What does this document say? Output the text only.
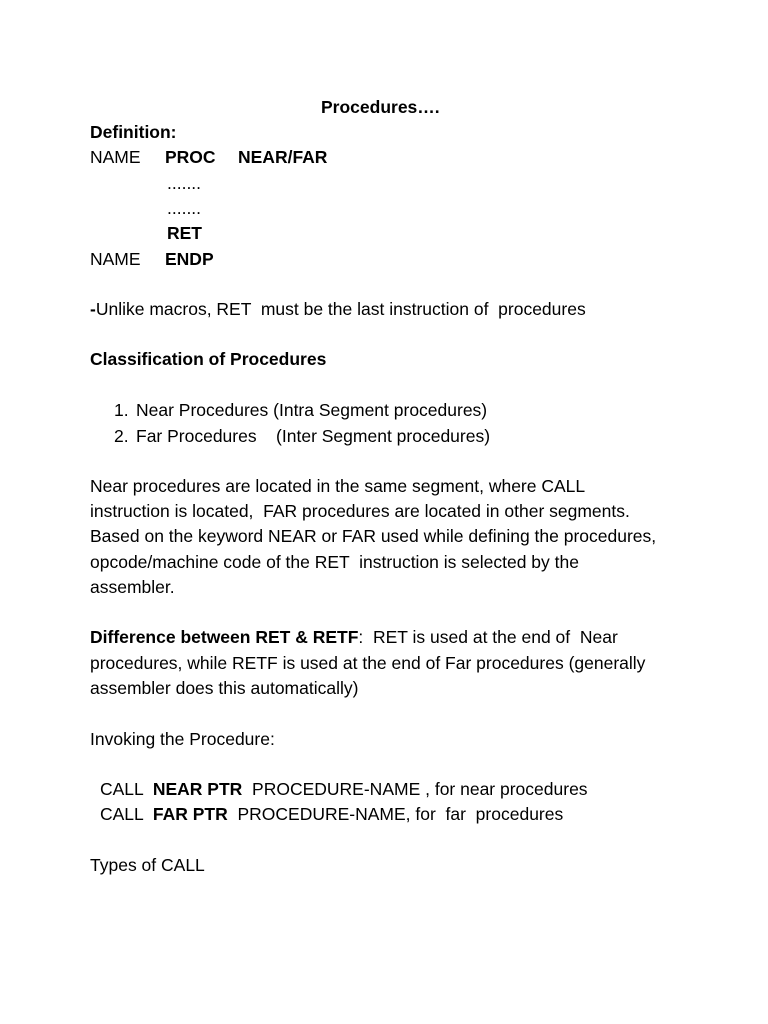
Procedures….
Definition:
NAME PROC NEAR/FAR
.......
.......
RET
NAME ENDP
-Unlike macros, RET  must be the last instruction of  procedures
Classification of Procedures
1. Near Procedures (Intra Segment procedures)
2. Far Procedures    (Inter Segment procedures)
Near procedures are located in the same segment, where CALL
instruction is located,  FAR procedures are located in other segments.
Based on the keyword NEAR or FAR used while defining the procedures,
opcode/machine code of the RET  instruction is selected by the
assembler.
Difference between RET & RETF:  RET is used at the end of  Near
procedures, while RETF is used at the end of Far procedures (generally
assembler does this automatically)
Invoking the Procedure:
CALL  NEAR PTR  PROCEDURE-NAME , for near procedures
CALL  FAR PTR  PROCEDURE-NAME, for  far  procedures
Types of CALL
